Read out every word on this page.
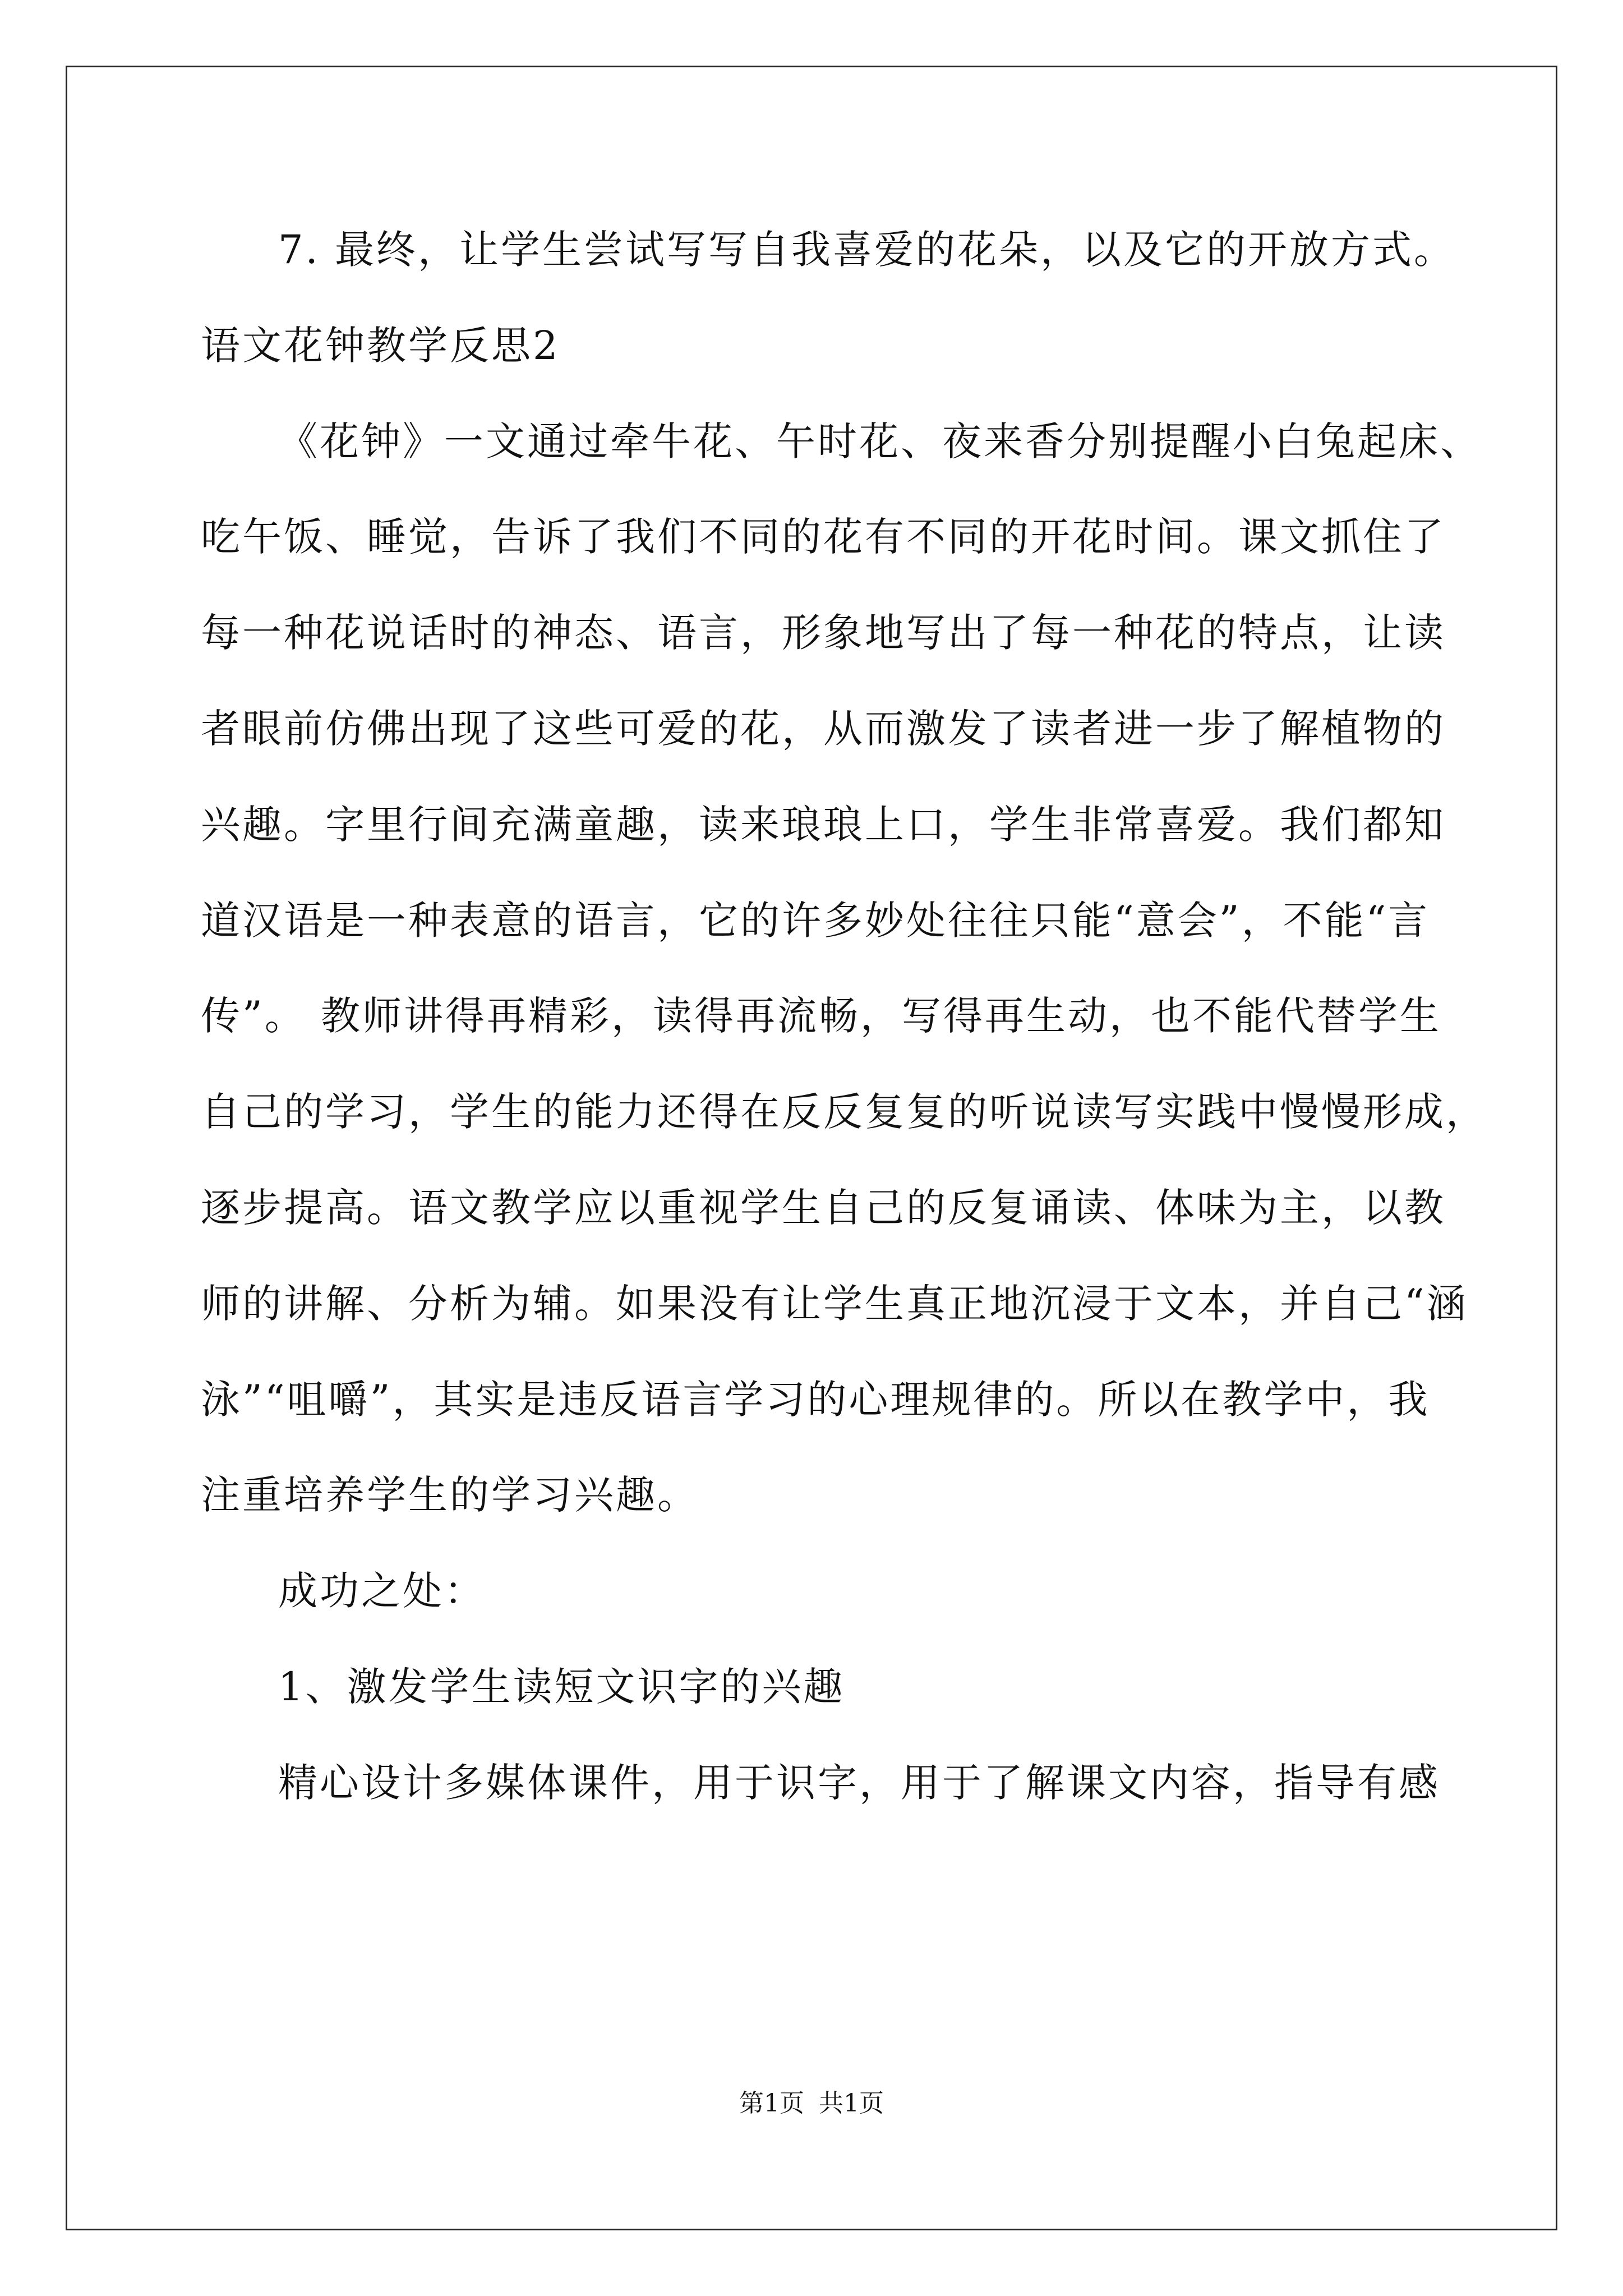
7. 最终，让学生尝试写写自我喜爱的花朵，以及它的开放方式。
语文花钟教学反思2
《花钟》一文通过牵牛花、午时花、夜来香分别提醒小白兔起床、
吃午饭、睡觉，告诉了我们不同的花有不同的开花时间。课文抓住了
每一种花说话时的神态、语言，形象地写出了每一种花的特点，让读
者眼前仿佛出现了这些可爱的花，从而激发了读者进一步了解植物的
兴趣。字里行间充满童趣，读来琅琅上口，学生非常喜爱。我们都知
道汉语是一种表意的语言，它的许多妙处往往只能“意会”，不能“言
传”。 教师讲得再精彩，读得再流畅，写得再生动，也不能代替学生
自己的学习，学生的能力还得在反反复复的听说读写实践中慢慢形成，
逐步提高。语文教学应以重视学生自己的反复诵读、体味为主，以教
师的讲解、分析为辅。如果没有让学生真正地沉浸于文本，并自己“涵
泳”“咀嚼”，其实是违反语言学习的心理规律的。所以在教学中，我
注重培养学生的学习兴趣。
成功之处：
1、激发学生读短文识字的兴趣
精心设计多媒体课件，用于识字，用于了解课文内容，指导有感
第1页 共1页
